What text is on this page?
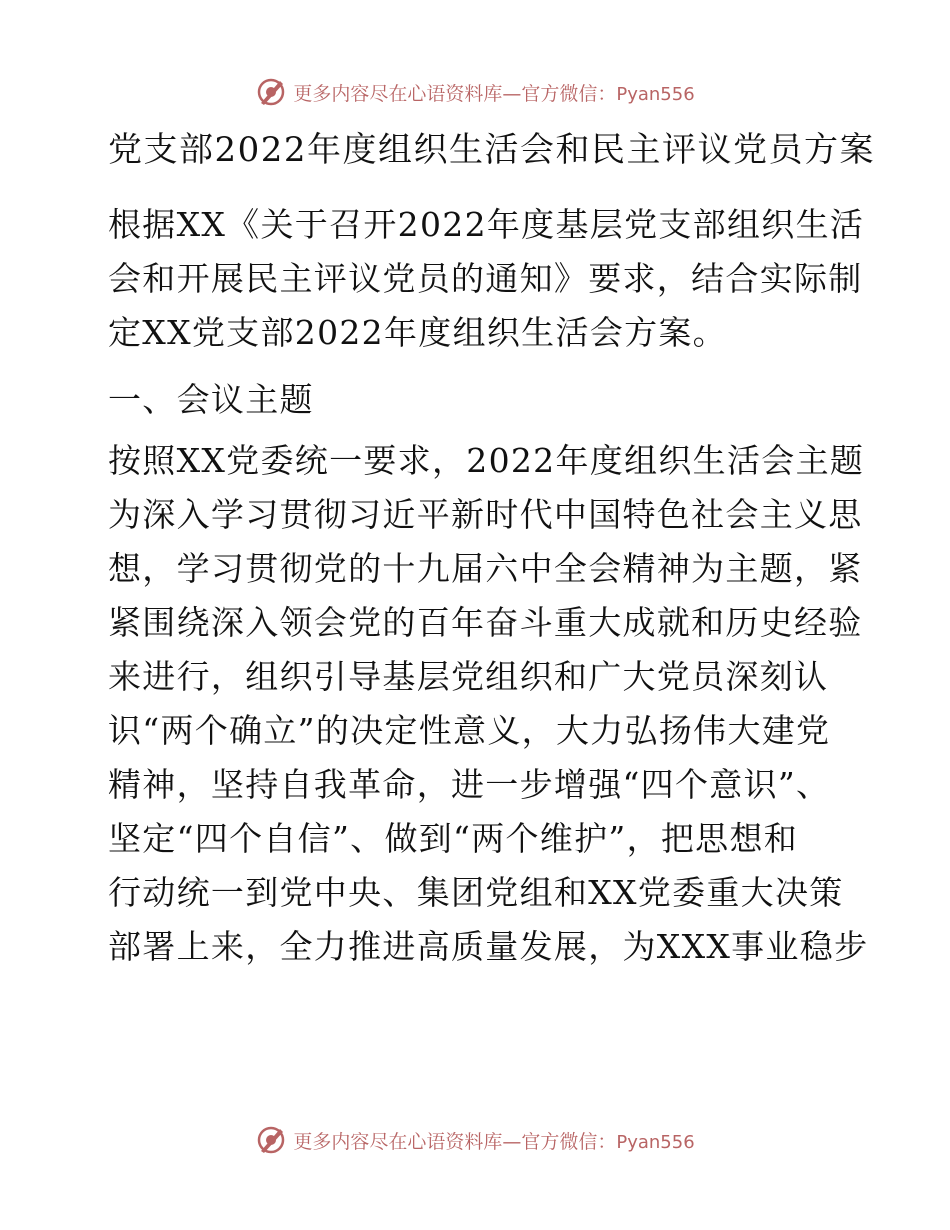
更多内容尽在心语资料库—官方微信：Pyan556
党支部2022年度组织生活会和民主评议党员方案

根据XX《关于召开2022年度基层党支部组织生活
会和开展民主评议党员的通知》要求，结合实际制
定XX党支部2022年度组织生活会方案。

一、会议主题

按照XX党委统一要求，2022年度组织生活会主题
为深入学习贯彻习近平新时代中国特色社会主义思
想，学习贯彻党的十九届六中全会精神为主题，紧
紧围绕深入领会党的百年奋斗重大成就和历史经验
来进行，组织引导基层党组织和广大党员深刻认
识“两个确立”的决定性意义，大力弘扬伟大建党
精神，坚持自我革命，进一步增强“四个意识”、
坚定“四个自信”、做到“两个维护”，把思想和
行动统一到党中央、集团党组和XX党委重大决策
部署上来，全力推进高质量发展，为XXX事业稳步

更多内容尽在心语资料库—官方微信：Pyan556
